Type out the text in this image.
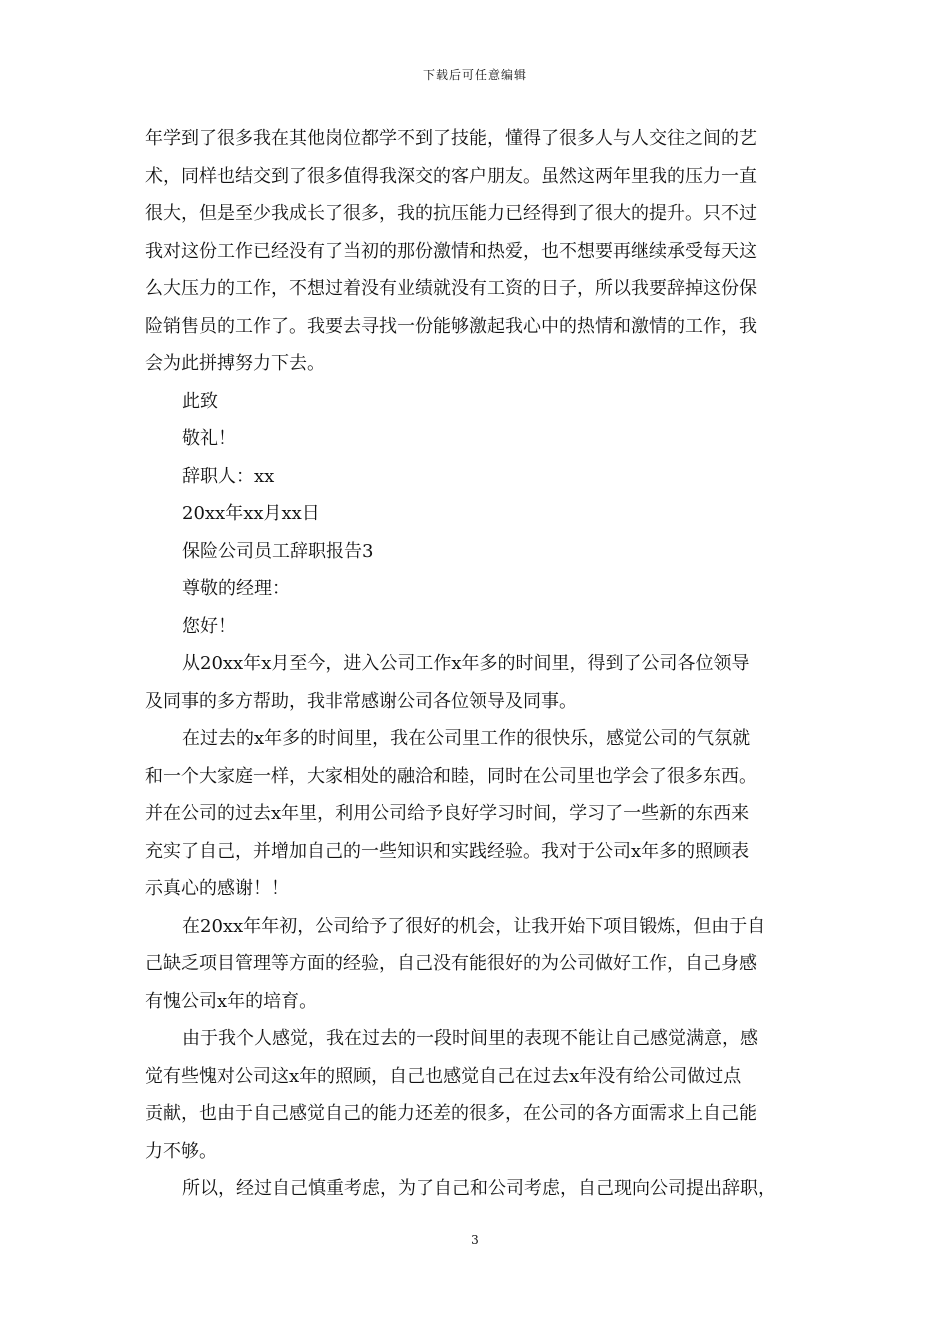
下载后可任意编辑
年学到了很多我在其他岗位都学不到了技能，懂得了很多人与人交往之间的艺
术，同样也结交到了很多值得我深交的客户朋友。虽然这两年里我的压力一直
很大，但是至少我成长了很多，我的抗压能力已经得到了很大的提升。只不过
我对这份工作已经没有了当初的那份激情和热爱，也不想要再继续承受每天这
么大压力的工作，不想过着没有业绩就没有工资的日子，所以我要辞掉这份保
险销售员的工作了。我要去寻找一份能够激起我心中的热情和激情的工作，我
会为此拼搏努力下去。
此致
敬礼！
辞职人：xx
20xx年xx月xx日
保险公司员工辞职报告3
尊敬的经理：
您好！
从20xx年x月至今，进入公司工作x年多的时间里，得到了公司各位领导
及同事的多方帮助，我非常感谢公司各位领导及同事。
在过去的x年多的时间里，我在公司里工作的很快乐，感觉公司的气氛就
和一个大家庭一样，大家相处的融洽和睦，同时在公司里也学会了很多东西。
并在公司的过去x年里，利用公司给予良好学习时间，学习了一些新的东西来
充实了自己，并增加自己的一些知识和实践经验。我对于公司x年多的照顾表
示真心的感谢！！
在20xx年年初，公司给予了很好的机会，让我开始下项目锻炼，但由于自
己缺乏项目管理等方面的经验，自己没有能很好的为公司做好工作，自己身感
有愧公司x年的培育。
由于我个人感觉，我在过去的一段时间里的表现不能让自己感觉满意，感
觉有些愧对公司这x年的照顾，自己也感觉自己在过去x年没有给公司做过点
贡献，也由于自己感觉自己的能力还差的很多，在公司的各方面需求上自己能
力不够。
所以，经过自己慎重考虑，为了自己和公司考虑，自己现向公司提出辞职，
3
